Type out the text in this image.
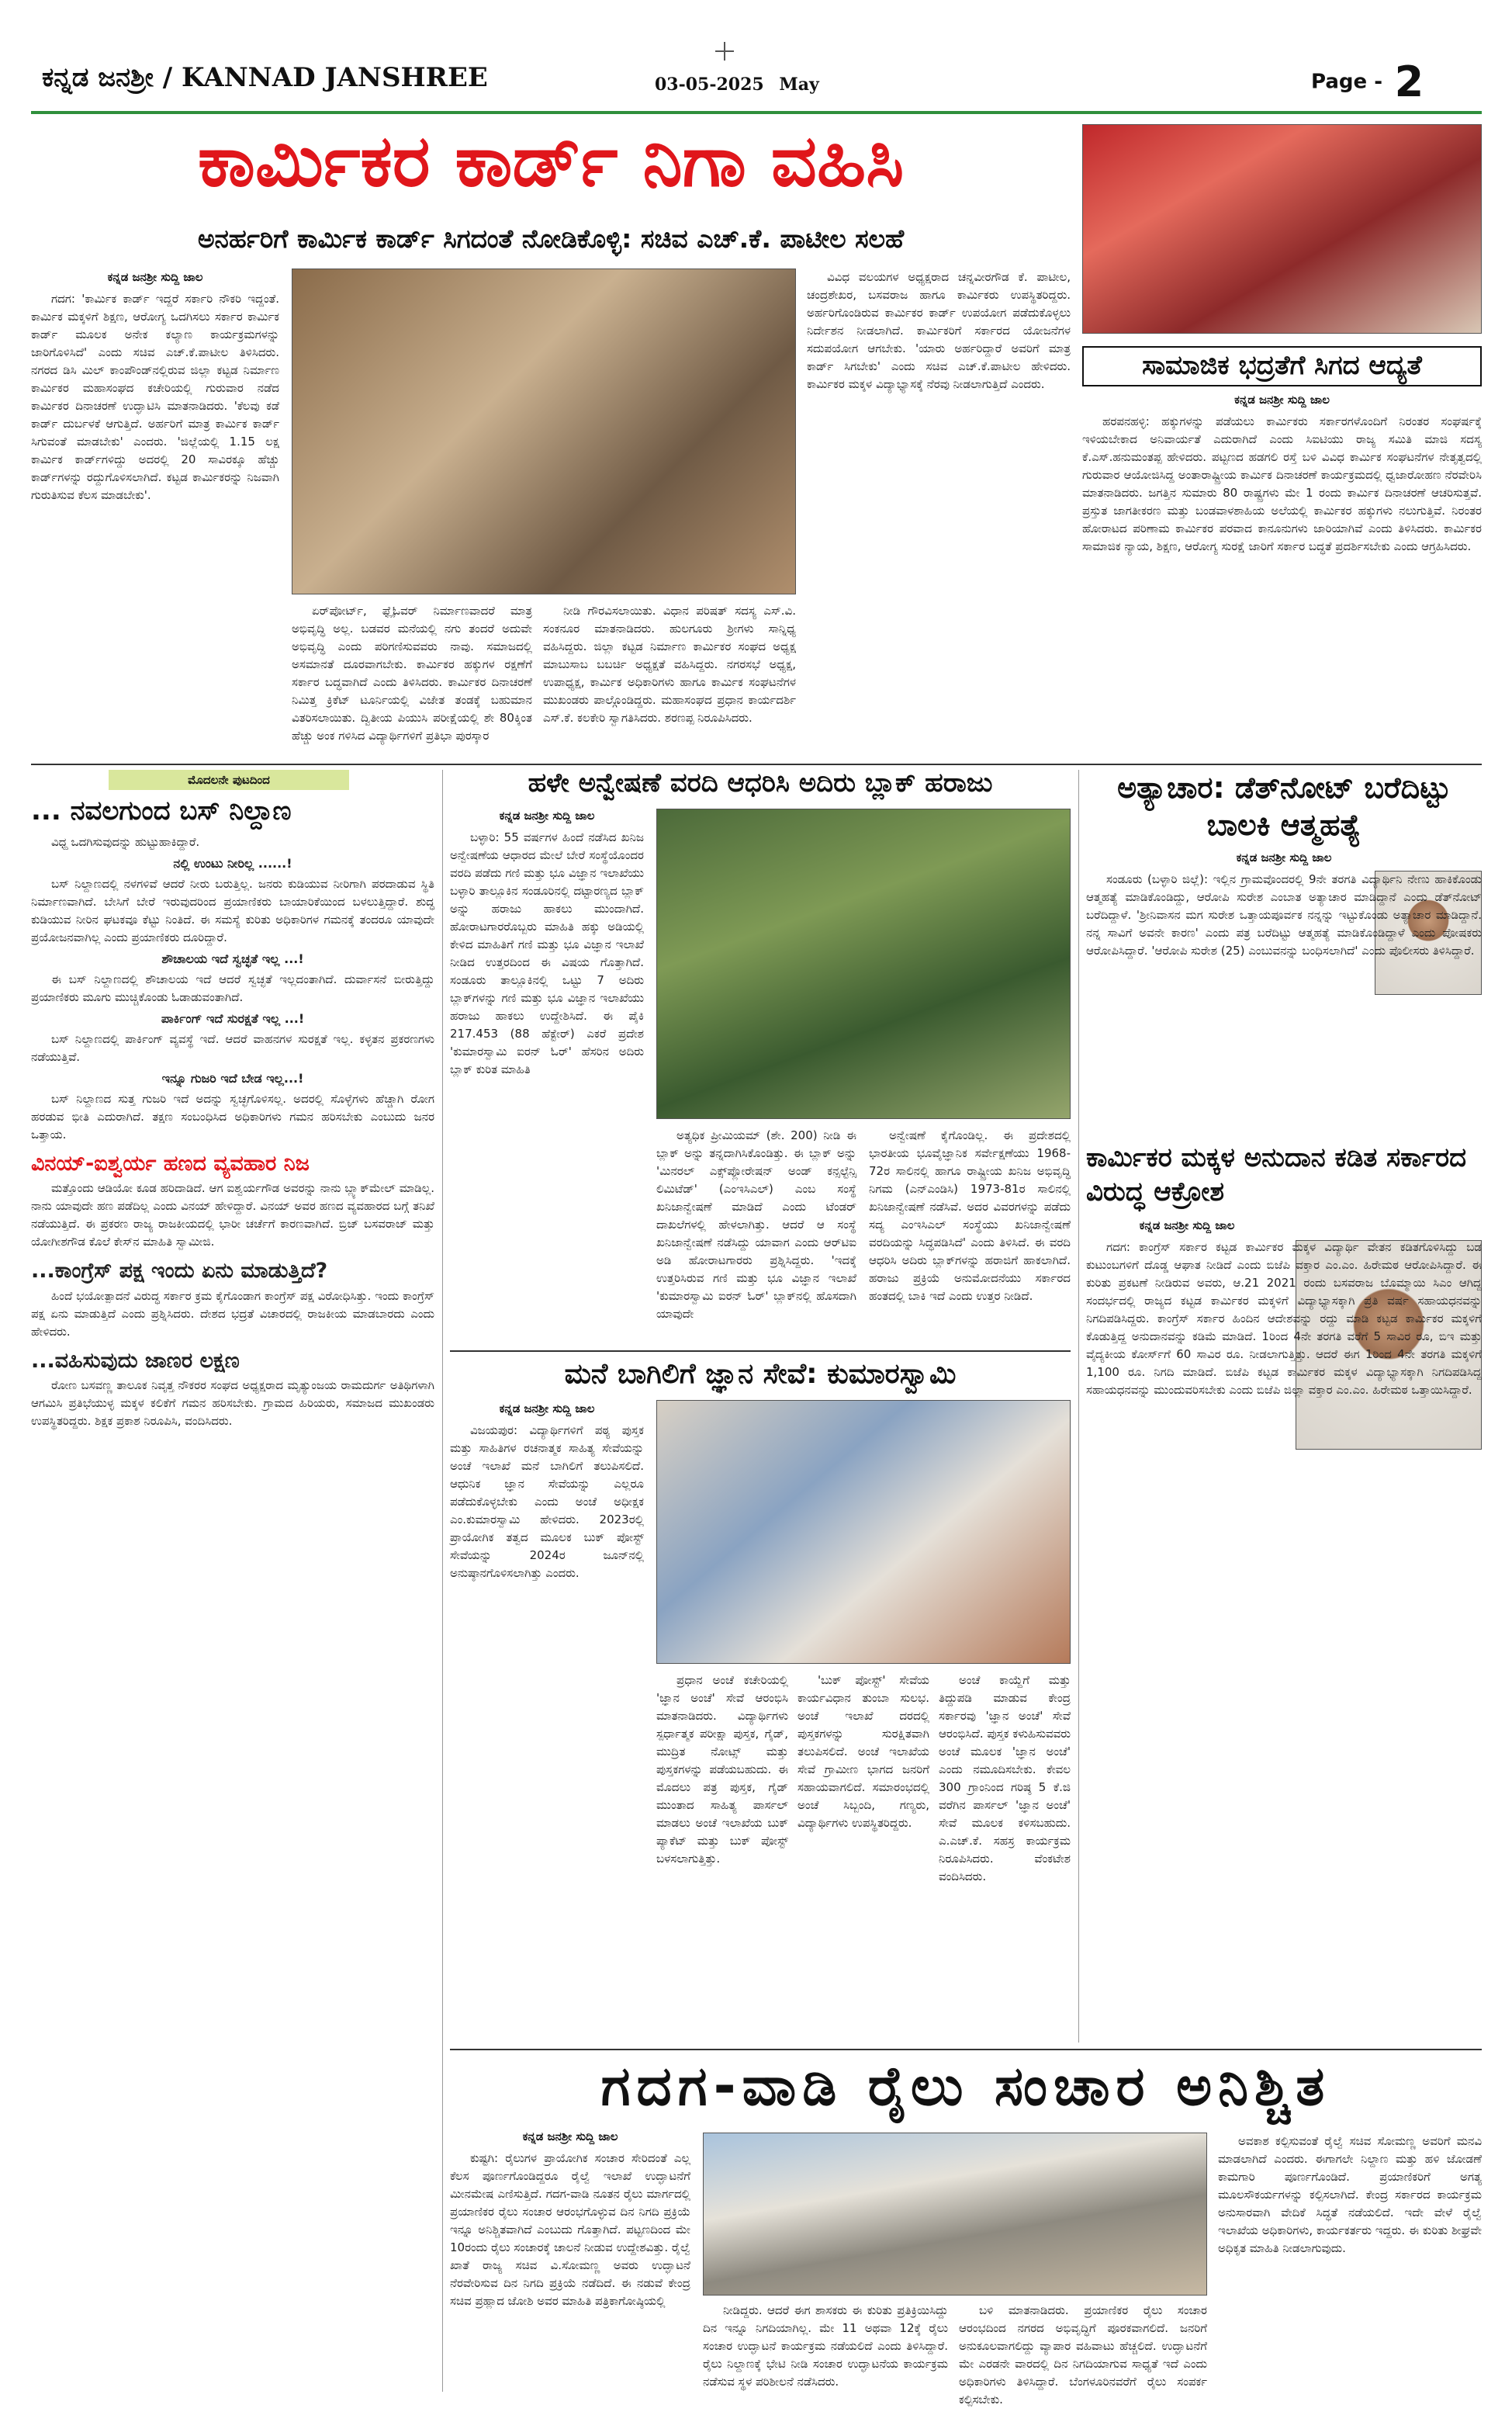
ಕನ್ನಡ ಜನಶ್ರೀ / KANNAD JANSHREE	03-05-2025 May	Page - 2
ಕಾರ್ಮಿಕರ ಕಾರ್ಡ್ ನಿಗಾ ವಹಿಸಿ
ಅನರ್ಹರಿಗೆ ಕಾರ್ಮಿಕ ಕಾರ್ಡ್ ಸಿಗದಂತೆ ನೋಡಿಕೊಳ್ಳಿ: ಸಚಿವ ಎಚ್.ಕೆ. ಪಾಟೀಲ ಸಲಹೆ
ಕನ್ನಡ ಜನಶ್ರೀ ಸುದ್ದಿ ಜಾಲ

ಗದಗ: 'ಕಾರ್ಮಿಕ ಕಾರ್ಡ್ ಇದ್ದರೆ ಸರ್ಕಾರಿ ನೌಕರಿ ಇದ್ದಂತೆ. ಕಾರ್ಮಿಕ ಮಕ್ಕಳಿಗೆ ಶಿಕ್ಷಣ, ಆರೋಗ್ಯ ಒದಗಿಸಲು ಸರ್ಕಾರ ಕಾರ್ಮಿಕ ಕಾರ್ಡ್ ಮೂಲಕ ಅನೇಕ ಕಲ್ಯಾಣ ಕಾರ್ಯಕ್ರಮಗಳನ್ನು ಜಾರಿಗೊಳಿಸಿದೆ' ಎಂದು ಸಚಿವ ಎಚ್.ಕೆ.ಪಾಟೀಲ ತಿಳಿಸಿದರು. ನಗರದ ಡಿಸಿ ಮಿಲ್ ಕಾಂಪೌಂಡ್‌ನಲ್ಲಿರುವ ಜಿಲ್ಲಾ ಕಟ್ಟಡ ನಿರ್ಮಾಣ ಕಾರ್ಮಿಕರ ಮಹಾಸಂಘದ ಕಚೇರಿಯಲ್ಲಿ ಗುರುವಾರ ನಡೆದ ಕಾರ್ಮಿಕರ ದಿನಾಚರಣೆ ಉದ್ಘಾಟಿಸಿ ಮಾತನಾಡಿದರು. 'ಕೆಲವು ಕಡೆ ಕಾರ್ಡ್ ದುರ್ಬಳಕೆ ಆಗುತ್ತಿದೆ. ಅರ್ಹರಿಗೆ ಮಾತ್ರ ಕಾರ್ಮಿಕ ಕಾರ್ಡ್ ಸಿಗುವಂತೆ ಮಾಡಬೇಕು' ಎಂದರು. 'ಜಿಲ್ಲೆಯಲ್ಲಿ 1.15 ಲಕ್ಷ ಕಾರ್ಮಿಕ ಕಾರ್ಡ್‌ಗಳಿದ್ದು ಅದರಲ್ಲಿ 20 ಸಾವಿರಕ್ಕೂ ಹೆಚ್ಚು ಕಾರ್ಡ್‌ಗಳನ್ನು ರದ್ದುಗೊಳಿಸಲಾಗಿದೆ. ಕಟ್ಟಡ ಕಾರ್ಮಿಕರನ್ನು ನಿಜವಾಗಿ ಗುರುತಿಸುವ ಕೆಲಸ ಮಾಡಬೇಕು'.

ಏರ್‌ಪೋರ್ಟ್, ಫ್ಲೈಓವರ್ ನಿರ್ಮಾಣವಾದರೆ ಮಾತ್ರ ಅಭಿವೃದ್ಧಿ ಅಲ್ಲ. ಬಡವರ ಮನೆಯಲ್ಲಿ ನಗು ತಂದರೆ ಅದುವೇ ಅಭಿವೃದ್ಧಿ ಎಂದು ಪರಿಗಣಿಸುವವರು ನಾವು. ಸಮಾಜದಲ್ಲಿ ಅಸಮಾನತೆ ದೂರವಾಗಬೇಕು. ಕಾರ್ಮಿಕರ ಹಕ್ಕುಗಳ ರಕ್ಷಣೆಗೆ ಸರ್ಕಾರ ಬದ್ಧವಾಗಿದೆ ಎಂದು ತಿಳಿಸಿದರು. ಕಾರ್ಮಿಕರ ದಿನಾಚರಣೆ ನಿಮಿತ್ತ ಕ್ರಿಕೆಟ್ ಟೂರ್ನಿಯಲ್ಲಿ ವಿಜೇತ ತಂಡಕ್ಕೆ ಬಹುಮಾನ ವಿತರಿಸಲಾಯಿತು. ದ್ವಿತೀಯ ಪಿಯುಸಿ ಪರೀಕ್ಷೆಯಲ್ಲಿ ಶೇ 80ಕ್ಕಿಂತ ಹೆಚ್ಚು ಅಂಕ ಗಳಿಸಿದ ವಿದ್ಯಾರ್ಥಿಗಳಿಗೆ ಪ್ರತಿಭಾ ಪುರಸ್ಕಾರ

ನೀಡಿ ಗೌರವಿಸಲಾಯಿತು. ವಿಧಾನ ಪರಿಷತ್ ಸದಸ್ಯ ಎಸ್.ವಿ. ಸಂಕನೂರ ಮಾತನಾಡಿದರು. ಹುಲಗೂರು ಶ್ರೀಗಳು ಸಾನ್ನಿಧ್ಯ ವಹಿಸಿದ್ದರು. ಜಿಲ್ಲಾ ಕಟ್ಟಡ ನಿರ್ಮಾಣ ಕಾರ್ಮಿಕರ ಸಂಘದ ಅಧ್ಯಕ್ಷ ಮಾಬುಸಾಬ ಬಬರ್ಚಿ ಅಧ್ಯಕ್ಷತೆ ವಹಿಸಿದ್ದರು. ನಗರಸಭೆ ಅಧ್ಯಕ್ಷ, ಉಪಾಧ್ಯಕ್ಷ, ಕಾರ್ಮಿಕ ಅಧಿಕಾರಿಗಳು ಹಾಗೂ ಕಾರ್ಮಿಕ ಸಂಘಟನೆಗಳ ಮುಖಂಡರು ಪಾಲ್ಗೊಂಡಿದ್ದರು. ಮಹಾಸಂಘದ ಪ್ರಧಾನ ಕಾರ್ಯದರ್ಶಿ ಎಸ್.ಕೆ. ಕಲಕೇರಿ ಸ್ವಾಗತಿಸಿದರು. ಶರಣಪ್ಪ ನಿರೂಪಿಸಿದರು.

ವಿವಿಧ ವಲಯಗಳ ಅಧ್ಯಕ್ಷರಾದ ಚನ್ನವೀರಗೌಡ ಕೆ. ಪಾಟೀಲ, ಚಂದ್ರಶೇಖರ, ಬಸವರಾಜ ಹಾಗೂ ಕಾರ್ಮಿಕರು ಉಪಸ್ಥಿತರಿದ್ದರು. ಅರ್ಹರಿಗೊಂಡಿರುವ ಕಾರ್ಮಿಕರ ಕಾರ್ಡ್ ಉಪಯೋಗ ಪಡೆದುಕೊಳ್ಳಲು ನಿರ್ದೇಶನ ನೀಡಲಾಗಿದೆ. ಕಾರ್ಮಿಕರಿಗೆ ಸರ್ಕಾರದ ಯೋಜನೆಗಳ ಸದುಪಯೋಗ ಆಗಬೇಕು. 'ಯಾರು ಅರ್ಹರಿದ್ದಾರೆ ಅವರಿಗೆ ಮಾತ್ರ ಕಾರ್ಡ್ ಸಿಗಬೇಕು' ಎಂದು ಸಚಿವ ಎಚ್.ಕೆ.ಪಾಟೀಲ ಹೇಳಿದರು. ಕಾರ್ಮಿಕರ ಮಕ್ಕಳ ವಿದ್ಯಾಭ್ಯಾಸಕ್ಕೆ ನೆರವು ನೀಡಲಾಗುತ್ತಿದೆ ಎಂದರು.

ಸಾಮಾಜಿಕ ಭದ್ರತೆಗೆ ಸಿಗದ ಆದ್ಯತೆ
ಕನ್ನಡ ಜನಶ್ರೀ ಸುದ್ದಿ ಜಾಲ

ಹರಪನಹಳ್ಳಿ: ಹಕ್ಕುಗಳನ್ನು ಪಡೆಯಲು ಕಾರ್ಮಿಕರು ಸರ್ಕಾರಗಳೊಂದಿಗೆ ನಿರಂತರ ಸಂಘರ್ಷಕ್ಕೆ ಇಳಿಯಬೇಕಾದ ಅನಿವಾರ್ಯತೆ ಎದುರಾಗಿದೆ ಎಂದು ಸಿಐಟಿಯು ರಾಜ್ಯ ಸಮಿತಿ ಮಾಜಿ ಸದಸ್ಯ ಕೆ.ಎಸ್.ಹನುಮಂತಪ್ಪ ಹೇಳಿದರು. ಪಟ್ಟಣದ ಹಡಗಲಿ ರಸ್ತೆ ಬಳಿ ವಿವಿಧ ಕಾರ್ಮಿಕ ಸಂಘಟನೆಗಳ ನೇತೃತ್ವದಲ್ಲಿ ಗುರುವಾರ ಆಯೋಜಿಸಿದ್ದ ಅಂತಾರಾಷ್ಟ್ರೀಯ ಕಾರ್ಮಿಕ ದಿನಾಚರಣೆ ಕಾರ್ಯಕ್ರಮದಲ್ಲಿ ಧ್ವಜಾರೋಹಣ ನೆರವೇರಿಸಿ ಮಾತನಾಡಿದರು. ಜಗತ್ತಿನ ಸುಮಾರು 80 ರಾಷ್ಟ್ರಗಳು ಮೇ 1 ರಂದು ಕಾರ್ಮಿಕ ದಿನಾಚರಣೆ ಆಚರಿಸುತ್ತವೆ. ಪ್ರಸ್ತುತ ಜಾಗತೀಕರಣ ಮತ್ತು ಬಂಡವಾಳಶಾಹಿಯ ಅಲೆಯಲ್ಲಿ ಕಾರ್ಮಿಕರ ಹಕ್ಕುಗಳು ನಲುಗುತ್ತಿವೆ. ನಿರಂತರ ಹೋರಾಟದ ಪರಿಣಾಮ ಕಾರ್ಮಿಕರ ಪರವಾದ ಕಾನೂನುಗಳು ಜಾರಿಯಾಗಿವೆ ಎಂದು ತಿಳಿಸಿದರು. ಕಾರ್ಮಿಕರ ಸಾಮಾಜಿಕ ನ್ಯಾಯ, ಶಿಕ್ಷಣ, ಆರೋಗ್ಯ ಸುರಕ್ಷೆ ಜಾರಿಗೆ ಸರ್ಕಾರ ಬದ್ಧತೆ ಪ್ರದರ್ಶಿಸಬೇಕು ಎಂದು ಆಗ್ರಹಿಸಿದರು.

ಮೊದಲನೇ ಪುಟದಿಂದ
... ನವಲಗುಂದ ಬಸ್ ನಿಲ್ದಾಣ

ವಿಧ್ದ ಒದಗಿಸುವುದನ್ನು ಹುಟ್ಟುಹಾಕಿದ್ದಾರೆ.

ನಲ್ಲಿ ಉಂಟು ನೀರಿಲ್ಲ ......!

ಬಸ್ ನಿಲ್ದಾಣದಲ್ಲಿ ನಳಗಳಿವೆ ಆದರೆ ನೀರು ಬರುತ್ತಿಲ್ಲ. ಜನರು ಕುಡಿಯುವ ನೀರಿಗಾಗಿ ಪರದಾಡುವ ಸ್ಥಿತಿ ನಿರ್ಮಾಣವಾಗಿದೆ. ಬೇಸಿಗೆ ಬೇರೆ ಇರುವುದರಿಂದ ಪ್ರಯಾಣಿಕರು ಬಾಯಾರಿಕೆಯಿಂದ ಬಳಲುತ್ತಿದ್ದಾರೆ. ಶುದ್ಧ ಕುಡಿಯುವ ನೀರಿನ ಘಟಕವೂ ಕೆಟ್ಟು ನಿಂತಿದೆ. ಈ ಸಮಸ್ಯೆ ಕುರಿತು ಅಧಿಕಾರಿಗಳ ಗಮನಕ್ಕೆ ತಂದರೂ ಯಾವುದೇ ಪ್ರಯೋಜನವಾಗಿಲ್ಲ ಎಂದು ಪ್ರಯಾಣಿಕರು ದೂರಿದ್ದಾರೆ.

ಶೌಚಾಲಯ ಇದೆ ಸ್ವಚ್ಛತೆ ಇಲ್ಲ ...!

ಈ ಬಸ್ ನಿಲ್ದಾಣದಲ್ಲಿ ಶೌಚಾಲಯ ಇದೆ ಆದರೆ ಸ್ವಚ್ಛತೆ ಇಲ್ಲದಂತಾಗಿದೆ. ದುರ್ವಾಸನೆ ಬೀರುತ್ತಿದ್ದು ಪ್ರಯಾಣಿಕರು ಮೂಗು ಮುಚ್ಚಿಕೊಂಡು ಓಡಾಡುವಂತಾಗಿದೆ.

ಪಾರ್ಕಿಂಗ್ ಇದೆ ಸುರಕ್ಷತೆ ಇಲ್ಲ ...!

ಬಸ್ ನಿಲ್ದಾಣದಲ್ಲಿ ಪಾರ್ಕಿಂಗ್ ವ್ಯವಸ್ಥೆ ಇದೆ. ಆದರೆ ವಾಹನಗಳ ಸುರಕ್ಷತೆ ಇಲ್ಲ. ಕಳ್ಳತನ ಪ್ರಕರಣಗಳು ನಡೆಯುತ್ತಿವೆ.

ಇನ್ನೂ ಗುಜರಿ ಇದೆ ಬೇಡ ಇಲ್ಲ...!

ಬಸ್ ನಿಲ್ದಾಣದ ಸುತ್ತ ಗುಜರಿ ಇದೆ ಅದನ್ನು ಸ್ವಚ್ಛಗೊಳಿಸಲ್ಲ. ಅದರಲ್ಲಿ ಸೊಳ್ಳೆಗಳು ಹೆಚ್ಚಾಗಿ ರೋಗ ಹರಡುವ ಭೀತಿ ಎದುರಾಗಿದೆ. ತಕ್ಷಣ ಸಂಬಂಧಿಸಿದ ಅಧಿಕಾರಿಗಳು ಗಮನ ಹರಿಸಬೇಕು ಎಂಬುದು ಜನರ ಒತ್ತಾಯ.

ವಿನಯ್-ಐಶ್ವರ್ಯ ಹಣದ ವ್ಯವಹಾರ ನಿಜ

ಮತ್ತೊಂದು ಆಡಿಯೋ ಕೂಡ ಹರಿದಾಡಿದೆ. ಆಗ ಐಶ್ವರ್ಯಗೌಡ ಅವರನ್ನು ನಾನು ಬ್ಲ್ಯಾಕ್‌ಮೇಲ್ ಮಾಡಿಲ್ಲ. ನಾನು ಯಾವುದೇ ಹಣ ಪಡೆದಿಲ್ಲ ಎಂದು ವಿನಯ್ ಹೇಳಿದ್ದಾರೆ. ವಿನಯ್ ಅವರ ಹಣದ ವ್ಯವಹಾರದ ಬಗ್ಗೆ ತನಿಖೆ ನಡೆಯುತ್ತಿದೆ. ಈ ಪ್ರಕರಣ ರಾಜ್ಯ ರಾಜಕೀಯದಲ್ಲಿ ಭಾರೀ ಚರ್ಚೆಗೆ ಕಾರಣವಾಗಿದೆ. ಬ್ರಿಜ್ ಬಸವರಾಜ್ ಮತ್ತು ಯೋಗೀಶಗೌಡ ಕೊಲೆ ಕೇಸ್‌ನ ಮಾಹಿತಿ ಸ್ವಾಮೀಜಿ.

...ಕಾಂಗ್ರೆಸ್ ಪಕ್ಷ ಇಂದು ಏನು ಮಾಡುತ್ತಿದೆ?

ಹಿಂದೆ ಭಯೋತ್ಪಾದನೆ ವಿರುದ್ಧ ಸರ್ಕಾರ ಕ್ರಮ ಕೈಗೊಂಡಾಗ ಕಾಂಗ್ರೆಸ್ ಪಕ್ಷ ವಿರೋಧಿಸಿತ್ತು. ಇಂದು ಕಾಂಗ್ರೆಸ್ ಪಕ್ಷ ಏನು ಮಾಡುತ್ತಿದೆ ಎಂದು ಪ್ರಶ್ನಿಸಿದರು. ದೇಶದ ಭದ್ರತೆ ವಿಚಾರದಲ್ಲಿ ರಾಜಕೀಯ ಮಾಡಬಾರದು ಎಂದು ಹೇಳಿದರು.

...ವಹಿಸುವುದು ಜಾಣರ ಲಕ್ಷಣ

ರೋಣ ಬಸವಣ್ಣ ತಾಲೂಕ ನಿವೃತ್ತ ನೌಕರರ ಸಂಘದ ಅಧ್ಯಕ್ಷರಾದ ಮೃತ್ಯುಂಜಯ ರಾಮದುರ್ಗ ಅತಿಥಿಗಳಾಗಿ ಆಗಮಿಸಿ ಪ್ರತಿಭೆಯುಳ್ಳ ಮಕ್ಕಳ ಕಲಿಕೆಗೆ ಗಮನ ಹರಿಸಬೇಕು. ಗ್ರಾಮದ ಹಿರಿಯರು, ಸಮಾಜದ ಮುಖಂಡರು ಉಪಸ್ಥಿತರಿದ್ದರು. ಶಿಕ್ಷಕ ಪ್ರಕಾಶ ನಿರೂಪಿಸಿ, ವಂದಿಸಿದರು.

ಹಳೇ ಅನ್ವೇಷಣೆ ವರದಿ ಆಧರಿಸಿ ಅದಿರು ಬ್ಲಾಕ್ ಹರಾಜು
ಕನ್ನಡ ಜನಶ್ರೀ ಸುದ್ದಿ ಜಾಲ

ಬಳ್ಳಾರಿ: 55 ವರ್ಷಗಳ ಹಿಂದೆ ನಡೆಸಿದ ಖನಿಜ ಅನ್ವೇಷಣೆಯ ಆಧಾರದ ಮೇಲೆ ಬೇರೆ ಸಂಸ್ಥೆಯೊಂದರ ವರದಿ ಪಡೆದು ಗಣಿ ಮತ್ತು ಭೂ ವಿಜ್ಞಾನ ಇಲಾಖೆಯು ಬಳ್ಳಾರಿ ತಾಲ್ಲೂಕಿನ ಸಂಡೂರಿನಲ್ಲಿ ದಟ್ಟಾರಣ್ಯದ ಬ್ಲಾಕ್ ಅನ್ನು ಹರಾಜು ಹಾಕಲು ಮುಂದಾಗಿದೆ. ಹೋರಾಟಗಾರರೊಬ್ಬರು ಮಾಹಿತಿ ಹಕ್ಕು ಅಡಿಯಲ್ಲಿ ಕೇಳಿದ ಮಾಹಿತಿಗೆ ಗಣಿ ಮತ್ತು ಭೂ ವಿಜ್ಞಾನ ಇಲಾಖೆ ನೀಡಿದ ಉತ್ತರದಿಂದ ಈ ವಿಷಯ ಗೊತ್ತಾಗಿದೆ. ಸಂಡೂರು ತಾಲ್ಲೂಕಿನಲ್ಲಿ ಒಟ್ಟು 7 ಅದಿರು ಬ್ಲಾಕ್‌ಗಳನ್ನು ಗಣಿ ಮತ್ತು ಭೂ ವಿಜ್ಞಾನ ಇಲಾಖೆಯು ಹರಾಜು ಹಾಕಲು ಉದ್ದೇಶಿಸಿದೆ. ಈ ಪೈಕಿ 217.453 (88 ಹೆಕ್ಟೇರ್) ಎಕರೆ ಪ್ರದೇಶ 'ಕುಮಾರಸ್ವಾಮಿ ಐರನ್ ಓರ್' ಹೆಸರಿನ ಅದಿರು ಬ್ಲಾಕ್ ಕುರಿತ ಮಾಹಿತಿ

ಅತ್ಯಧಿಕ ಪ್ರೀಮಿಯಮ್ (ಶೇ. 200) ನೀಡಿ ಈ ಬ್ಲಾಕ್ ಅನ್ನು ತನ್ನದಾಗಿಸಿಕೊಂಡಿತ್ತು. ಈ ಬ್ಲಾಕ್ ಅನ್ನು 'ಮಿನರಲ್ ಎಕ್ಸ್‌ಪ್ಲೋರೇಷನ್ ಅಂಡ್ ಕನ್ಸಲ್ಟೆನ್ಸಿ ಲಿಮಿಟೆಡ್' (ಎಂಇಸಿಎಲ್) ಎಂಬ ಸಂಸ್ಥೆ ಖನಿಜಾನ್ವೇಷಣೆ ಮಾಡಿದೆ ಎಂದು ಟೆಂಡರ್ ದಾಖಲೆಗಳಲ್ಲಿ ಹೇಳಲಾಗಿತ್ತು. ಆದರೆ ಆ ಸಂಸ್ಥೆ ಖನಿಜಾನ್ವೇಷಣೆ ನಡೆಸಿದ್ದು ಯಾವಾಗ ಎಂದು ಆರ್‌ಟಿಐ ಅಡಿ ಹೋರಾಟಗಾರರು ಪ್ರಶ್ನಿಸಿದ್ದರು. 'ಇದಕ್ಕೆ ಉತ್ತರಿಸಿರುವ ಗಣಿ ಮತ್ತು ಭೂ ವಿಜ್ಞಾನ ಇಲಾಖೆ 'ಕುಮಾರಸ್ವಾಮಿ ಐರನ್ ಓರ್' ಬ್ಲಾಕ್‌ನಲ್ಲಿ ಹೊಸದಾಗಿ ಯಾವುದೇ

ಅನ್ವೇಷಣೆ ಕೈಗೊಂಡಿಲ್ಲ. ಈ ಪ್ರದೇಶದಲ್ಲಿ ಭಾರತೀಯ ಭೂವೈಜ್ಞಾನಿಕ ಸರ್ವೇಕ್ಷಣೆಯು 1968-72ರ ಸಾಲಿನಲ್ಲಿ ಹಾಗೂ ರಾಷ್ಟ್ರೀಯ ಖನಿಜ ಅಭಿವೃದ್ಧಿ ನಿಗಮ (ಎನ್‌ಎಂಡಿಸಿ) 1973-81ರ ಸಾಲಿನಲ್ಲಿ ಖನಿಜಾನ್ವೇಷಣೆ ನಡೆಸಿವೆ. ಅದರ ವಿವರಗಳನ್ನು ಪಡೆದು ಸದ್ಯ ಎಂಇಸಿಎಲ್ ಸಂಸ್ಥೆಯು ಖನಿಜಾನ್ವೇಷಣೆ ವರದಿಯನ್ನು ಸಿದ್ಧಪಡಿಸಿದೆ' ಎಂದು ತಿಳಿಸಿದೆ. ಈ ವರದಿ ಆಧರಿಸಿ ಅದಿರು ಬ್ಲಾಕ್‌ಗಳನ್ನು ಹರಾಜಿಗೆ ಹಾಕಲಾಗಿದೆ. ಹರಾಜು ಪ್ರಕ್ರಿಯೆ ಅನುಮೋದನೆಯು ಸರ್ಕಾರದ ಹಂತದಲ್ಲಿ ಬಾಕಿ ಇದೆ ಎಂದು ಉತ್ತರ ನೀಡಿದೆ.

ಅತ್ಯಾಚಾರ: ಡೆತ್‌ನೋಟ್ ಬರೆದಿಟ್ಟು ಬಾಲಕಿ ಆತ್ಮಹತ್ಯೆ
ಕನ್ನಡ ಜನಶ್ರೀ ಸುದ್ದಿ ಜಾಲ

ಸಂಡೂರು (ಬಳ್ಳಾರಿ ಜಿಲ್ಲೆ): ಇಲ್ಲಿನ ಗ್ರಾಮವೊಂದರಲ್ಲಿ 9ನೇ ತರಗತಿ ವಿದ್ಯಾರ್ಥಿನಿ ನೇಣು ಹಾಕಿಕೊಂಡು ಆತ್ಮಹತ್ಯೆ ಮಾಡಿಕೊಂಡಿದ್ದು, ಆರೋಪಿ ಸುರೇಶ ಎಂಬಾತ ಅತ್ಯಾಚಾರ ಮಾಡಿದ್ದಾನೆ ಎಂದು ಡೆತ್‌ನೋಟ್ ಬರೆದಿದ್ದಾಳೆ. 'ಶ್ರೀನಿವಾಸನ ಮಗ ಸುರೇಶ ಒತ್ತಾಯಪೂರ್ವಕ ನನ್ನನ್ನು ಇಟ್ಟುಕೊಂಡು ಅತ್ಯಾಚಾರ ಮಾಡಿದ್ದಾನೆ. ನನ್ನ ಸಾವಿಗೆ ಅವನೇ ಕಾರಣ' ಎಂದು ಪತ್ರ ಬರೆದಿಟ್ಟು ಆತ್ಮಹತ್ಯೆ ಮಾಡಿಕೊಂಡಿದ್ದಾಳೆ ಎಂದು ಪೋಷಕರು ಆರೋಪಿಸಿದ್ದಾರೆ. 'ಆರೋಪಿ ಸುರೇಶ (25) ಎಂಬುವನನ್ನು ಬಂಧಿಸಲಾಗಿದೆ' ಎಂದು ಪೊಲೀಸರು ತಿಳಿಸಿದ್ದಾರೆ.

ಕಾರ್ಮಿಕರ ಮಕ್ಕಳ ಅನುದಾನ ಕಡಿತ ಸರ್ಕಾರದ ವಿರುದ್ಧ ಆಕ್ರೋಶ
ಕನ್ನಡ ಜನಶ್ರೀ ಸುದ್ದಿ ಜಾಲ

ಗದಗ: ಕಾಂಗ್ರೆಸ್ ಸರ್ಕಾರ ಕಟ್ಟಡ ಕಾರ್ಮಿಕರ ಮಕ್ಕಳ ವಿದ್ಯಾರ್ಥಿ ವೇತನ ಕಡಿತಗೊಳಿಸಿದ್ದು ಬಡ ಕುಟುಂಬಗಳಿಗೆ ದೊಡ್ಡ ಆಘಾತ ನೀಡಿದೆ ಎಂದು ಬಿಜೆಪಿ ವಕ್ತಾರ ಎಂ.ಎಂ. ಹಿರೇಮಠ ಆರೋಪಿಸಿದ್ದಾರೆ. ಈ ಕುರಿತು ಪ್ರಕಟಣೆ ನೀಡಿರುವ ಅವರು, ಆ.21 2021 ರಂದು ಬಸವರಾಜ ಬೊಮ್ಮಾಯಿ ಸಿಎಂ ಆಗಿದ್ದ ಸಂದರ್ಭದಲ್ಲಿ ರಾಜ್ಯದ ಕಟ್ಟಡ ಕಾರ್ಮಿಕರ ಮಕ್ಕಳಿಗೆ ವಿದ್ಯಾಭ್ಯಾಸಕ್ಕಾಗಿ ಪ್ರತಿ ವರ್ಷ ಸಹಾಯಧನವನ್ನು ನಿಗದಿಪಡಿಸಿದ್ದರು. ಕಾಂಗ್ರೆಸ್ ಸರ್ಕಾರ ಹಿಂದಿನ ಆದೇಶವನ್ನು ರದ್ದು ಮಾಡಿ ಕಟ್ಟಡ ಕಾರ್ಮಿಕರ ಮಕ್ಕಳಿಗೆ ಕೊಡುತ್ತಿದ್ದ ಅನುದಾನವನ್ನು ಕಡಿಮೆ ಮಾಡಿದೆ. 1ರಿಂದ 4ನೇ ತರಗತಿ ವರೆಗೆ 5 ಸಾವಿರ ರೂ, ಬಿಇ ಮತ್ತು ವೈದ್ಯಕೀಯ ಕೋರ್ಸ್‌ಗೆ 60 ಸಾವಿರ ರೂ. ನೀಡಲಾಗುತ್ತಿತ್ತು. ಆದರೆ ಈಗ 1ರಿಂದ 4ನೇ ತರಗತಿ ಮಕ್ಕಳಿಗೆ 1,100 ರೂ. ನಿಗದಿ ಮಾಡಿದೆ. ಬಿಜೆಪಿ ಕಟ್ಟಡ ಕಾರ್ಮಿಕರ ಮಕ್ಕಳ ವಿದ್ಯಾಭ್ಯಾಸಕ್ಕಾಗಿ ನಿಗದಿಪಡಿಸಿದ್ದ ಸಹಾಯಧನವನ್ನು ಮುಂದುವರಿಸಬೇಕು ಎಂದು ಬಿಜೆಪಿ ಜಿಲ್ಲಾ ವಕ್ತಾರ ಎಂ.ಎಂ. ಹಿರೇಮಠ ಒತ್ತಾಯಿಸಿದ್ದಾರೆ.

ಮನೆ ಬಾಗಿಲಿಗೆ ಜ್ಞಾನ ಸೇವೆ: ಕುಮಾರಸ್ವಾಮಿ
ಕನ್ನಡ ಜನಶ್ರೀ ಸುದ್ದಿ ಜಾಲ

ವಿಜಯಪುರ: ವಿದ್ಯಾರ್ಥಿಗಳಿಗೆ ಪಠ್ಯ ಪುಸ್ತಕ ಮತ್ತು ಸಾಹಿತಿಗಳ ರಚನಾತ್ಮಕ ಸಾಹಿತ್ಯ ಸೇವೆಯನ್ನು ಅಂಚೆ ಇಲಾಖೆ ಮನೆ ಬಾಗಿಲಿಗೆ ತಲುಪಿಸಲಿದೆ. ಆಧುನಿಕ ಜ್ಞಾನ ಸೇವೆಯನ್ನು ಎಲ್ಲರೂ ಪಡೆದುಕೊಳ್ಳಬೇಕು ಎಂದು ಅಂಚೆ ಅಧೀಕ್ಷಕ ಎಂ.ಕುಮಾರಸ್ವಾಮಿ ಹೇಳಿದರು. 2023ರಲ್ಲಿ ಪ್ರಾಯೋಗಿಕ ತತ್ವದ ಮೂಲಕ ಬುಕ್ ಪೋಸ್ಟ್ ಸೇವೆಯನ್ನು 2024ರ ಜೂನ್‌ನಲ್ಲಿ ಅನುಷ್ಠಾನಗೊಳಿಸಲಾಗಿತ್ತು ಎಂದರು.

ಪ್ರಧಾನ ಅಂಚೆ ಕಚೇರಿಯಲ್ಲಿ 'ಜ್ಞಾನ ಅಂಚೆ' ಸೇವೆ ಆರಂಭಿಸಿ ಮಾತನಾಡಿದರು. ವಿದ್ಯಾರ್ಥಿಗಳು ಸ್ಪರ್ಧಾತ್ಮಕ ಪರೀಕ್ಷಾ ಪುಸ್ತಕ, ಗೈಡ್, ಮುದ್ರಿತ ನೋಟ್ಸ್ ಮತ್ತು ಪುಸ್ತಕಗಳನ್ನು ಪಡೆಯಬಹುದು. ಈ ಮೊದಲು ಪತ್ರ ಪುಸ್ತಕ, ಗೈಡ್ ಮುಂತಾದ ಸಾಹಿತ್ಯ ಪಾರ್ಸಲ್ ಮಾಡಲು ಅಂಚೆ ಇಲಾಖೆಯ ಬುಕ್ ಪ್ಯಾಕೆಟ್ ಮತ್ತು ಬುಕ್ ಪೋಸ್ಟ್ ಬಳಸಲಾಗುತ್ತಿತ್ತು.

'ಬುಕ್ ಪೋಸ್ಟ್' ಸೇವೆಯ ಕಾರ್ಯವಿಧಾನ ತುಂಬಾ ಸುಲಭ. ಅಂಚೆ ಇಲಾಖೆ ದರದಲ್ಲಿ ಪುಸ್ತಕಗಳನ್ನು ಸುರಕ್ಷಿತವಾಗಿ ತಲುಪಿಸಲಿದೆ. ಅಂಚೆ ಇಲಾಖೆಯ ಸೇವೆ ಗ್ರಾಮೀಣ ಭಾಗದ ಜನರಿಗೆ ಸಹಾಯವಾಗಲಿದೆ. ಸಮಾರಂಭದಲ್ಲಿ ಅಂಚೆ ಸಿಬ್ಬಂದಿ, ಗಣ್ಯರು, ವಿದ್ಯಾರ್ಥಿಗಳು ಉಪಸ್ಥಿತರಿದ್ದರು.

ಅಂಚೆ ಕಾಯ್ದೆಗೆ ಮತ್ತು ತಿದ್ದುಪಡಿ ಮಾಡುವ ಕೇಂದ್ರ ಸರ್ಕಾರವು 'ಜ್ಞಾನ ಅಂಚೆ' ಸೇವೆ ಆರಂಭಿಸಿದೆ. ಪುಸ್ತಕ ಕಳುಹಿಸುವವರು ಅಂಚೆ ಮೂಲಕ 'ಜ್ಞಾನ ಅಂಚೆ' ಎಂದು ನಮೂದಿಸಬೇಕು. ಕೇವಲ 300 ಗ್ರಾಂನಿಂದ ಗರಿಷ್ಠ 5 ಕೆ.ಜಿ ವರೆಗಿನ ಪಾರ್ಸಲ್ 'ಜ್ಞಾನ ಅಂಚೆ' ಸೇವೆ ಮೂಲಕ ಕಳಿಸಬಹುದು. ಎ.ಎಚ್.ಕೆ. ಸಹಸ್ರ ಕಾರ್ಯಕ್ರಮ ನಿರೂಪಿಸಿದರು. ವೆಂಕಟೇಶ ವಂದಿಸಿದರು.

ಗದಗ-ವಾಡಿ ರೈಲು ಸಂಚಾರ ಅನಿಶ್ಚಿತ
ಕನ್ನಡ ಜನಶ್ರೀ ಸುದ್ದಿ ಜಾಲ

ಕುಷ್ಟಗಿ: ರೈಲುಗಳ ಪ್ರಾಯೋಗಿಕ ಸಂಚಾರ ಸೇರಿದಂತೆ ಎಲ್ಲ ಕೆಲಸ ಪೂರ್ಣಗೊಂಡಿದ್ದರೂ ರೈಲ್ವೆ ಇಲಾಖೆ ಉದ್ಘಾಟನೆಗೆ ಮೀನಮೇಷ ಎಣಿಸುತ್ತಿದೆ. ಗದಗ-ವಾಡಿ ನೂತನ ರೈಲು ಮಾರ್ಗದಲ್ಲಿ ಪ್ರಯಾಣಿಕರ ರೈಲು ಸಂಚಾರ ಆರಂಭಗೊಳ್ಳುವ ದಿನ ನಿಗದಿ ಪ್ರಕ್ರಿಯೆ ಇನ್ನೂ ಅನಿಶ್ಚಿತವಾಗಿದೆ ಎಂಬುದು ಗೊತ್ತಾಗಿದೆ. ಪಟ್ಟಣದಿಂದ ಮೇ 10ರಂದು ರೈಲು ಸಂಚಾರಕ್ಕೆ ಚಾಲನೆ ನೀಡುವ ಉದ್ದೇಶವಿತ್ತು. ರೈಲ್ವೆ ಖಾತೆ ರಾಜ್ಯ ಸಚಿವ ವಿ.ಸೋಮಣ್ಣ ಅವರು ಉದ್ಘಾಟನೆ ನೆರವೇರಿಸುವ ದಿನ ನಿಗದಿ ಪ್ರಕ್ರಿಯೆ ನಡೆದಿದೆ. ಈ ನಡುವೆ ಕೇಂದ್ರ ಸಚಿವ ಪ್ರಹ್ಲಾದ ಜೋಶಿ ಅವರ ಮಾಹಿತಿ ಪತ್ರಿಕಾಗೋಷ್ಠಿಯಲ್ಲಿ

ನೀಡಿದ್ದರು. ಆದರೆ ಈಗ ಶಾಸಕರು ಈ ಕುರಿತು ಪ್ರತಿಕ್ರಿಯಿಸಿದ್ದು ದಿನ ಇನ್ನೂ ನಿಗದಿಯಾಗಿಲ್ಲ. ಮೇ 11 ಅಥವಾ 12ಕ್ಕೆ ರೈಲು ಸಂಚಾರ ಉದ್ಘಾಟನೆ ಕಾರ್ಯಕ್ರಮ ನಡೆಯಲಿದೆ ಎಂದು ತಿಳಿಸಿದ್ದಾರೆ. ರೈಲು ನಿಲ್ದಾಣಕ್ಕೆ ಭೇಟಿ ನೀಡಿ ಸಂಚಾರ ಉದ್ಘಾಟನೆಯ ಕಾರ್ಯಕ್ರಮ ನಡೆಸುವ ಸ್ಥಳ ಪರಿಶೀಲನೆ ನಡೆಸಿದರು.

ಬಳಿ ಮಾತನಾಡಿದರು. ಪ್ರಯಾಣಿಕರ ರೈಲು ಸಂಚಾರ ಆರಂಭದಿಂದ ನಗರದ ಅಭಿವೃದ್ಧಿಗೆ ಪೂರಕವಾಗಲಿದೆ. ಜನರಿಗೆ ಅನುಕೂಲವಾಗಲಿದ್ದು ವ್ಯಾಪಾರ ವಹಿವಾಟು ಹೆಚ್ಚಲಿದೆ. ಉದ್ಘಾಟನೆಗೆ ಮೇ ಎರಡನೇ ವಾರದಲ್ಲಿ ದಿನ ನಿಗದಿಯಾಗುವ ಸಾಧ್ಯತೆ ಇದೆ ಎಂದು ಅಧಿಕಾರಿಗಳು ತಿಳಿಸಿದ್ದಾರೆ. ಬೆಂಗಳೂರಿನವರೆಗೆ ರೈಲು ಸಂಪರ್ಕ ಕಲ್ಪಿಸಬೇಕು.

ಅವಕಾಶ ಕಲ್ಪಿಸುವಂತೆ ರೈಲ್ವೆ ಸಚಿವ ಸೋಮಣ್ಣ ಅವರಿಗೆ ಮನವಿ ಮಾಡಲಾಗಿದೆ ಎಂದರು. ಈಗಾಗಲೇ ನಿಲ್ದಾಣ ಮತ್ತು ಹಳಿ ಜೋಡಣೆ ಕಾಮಗಾರಿ ಪೂರ್ಣಗೊಂಡಿದೆ. ಪ್ರಯಾಣಿಕರಿಗೆ ಅಗತ್ಯ ಮೂಲಸೌಕರ್ಯಗಳನ್ನು ಕಲ್ಪಿಸಲಾಗಿದೆ. ಕೇಂದ್ರ ಸರ್ಕಾರದ ಕಾರ್ಯಕ್ರಮ ಅನುಸಾರವಾಗಿ ವೇದಿಕೆ ಸಿದ್ಧತೆ ನಡೆಯಲಿದೆ. ಇದೇ ವೇಳೆ ರೈಲ್ವೆ ಇಲಾಖೆಯ ಅಧಿಕಾರಿಗಳು, ಕಾರ್ಯಕರ್ತರು ಇದ್ದರು. ಈ ಕುರಿತು ಶೀಘ್ರವೇ ಅಧಿಕೃತ ಮಾಹಿತಿ ನೀಡಲಾಗುವುದು.
